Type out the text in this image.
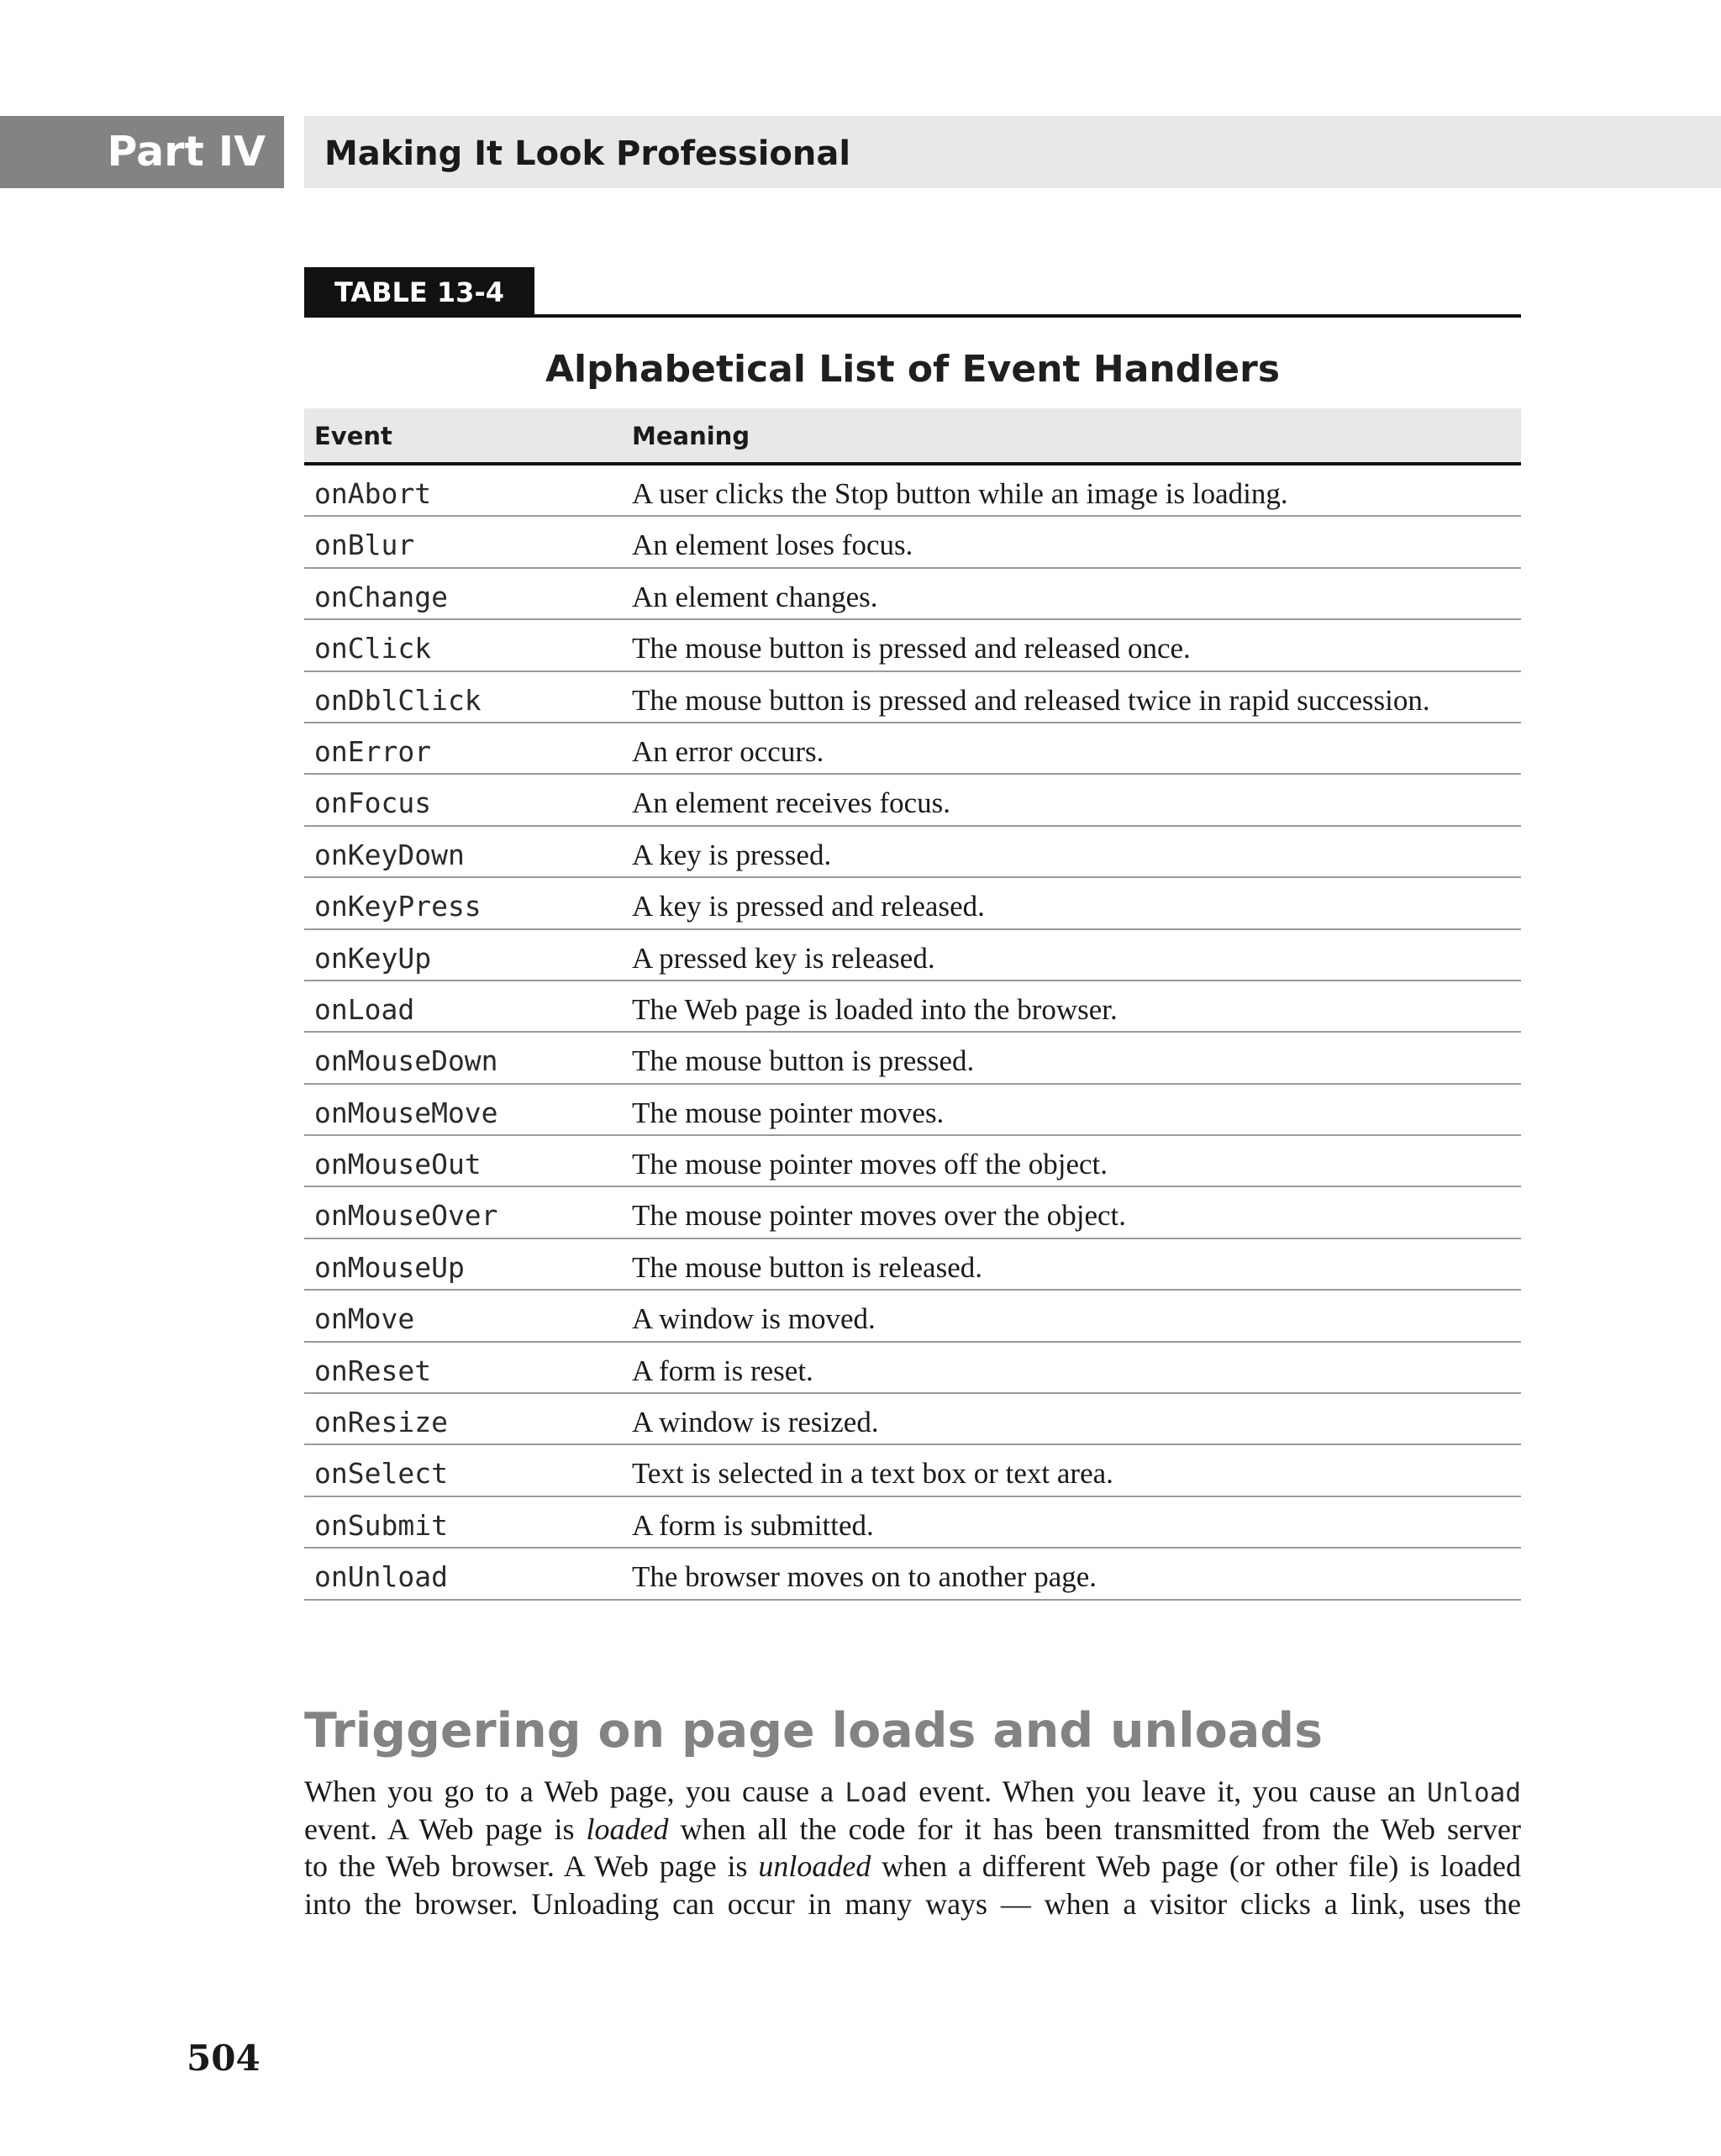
Part IV	Making It Look Professional
TABLE 13-4
Alphabetical List of Event Handlers
Event	Meaning
onAbort	A user clicks the Stop button while an image is loading.
onBlur	An element loses focus.
onChange	An element changes.
onClick	The mouse button is pressed and released once.
onDblClick	The mouse button is pressed and released twice in rapid succession.
onError	An error occurs.
onFocus	An element receives focus.
onKeyDown	A key is pressed.
onKeyPress	A key is pressed and released.
onKeyUp	A pressed key is released.
onLoad	The Web page is loaded into the browser.
onMouseDown	The mouse button is pressed.
onMouseMove	The mouse pointer moves.
onMouseOut	The mouse pointer moves off the object.
onMouseOver	The mouse pointer moves over the object.
onMouseUp	The mouse button is released.
onMove	A window is moved.
onReset	A form is reset.
onResize	A window is resized.
onSelect	Text is selected in a text box or text area.
onSubmit	A form is submitted.
onUnload	The browser moves on to another page.
Triggering on page loads and unloads
When you go to a Web page, you cause a Load event. When you leave it, you cause an Unload
event. A Web page is loaded when all the code for it has been transmitted from the Web server
to the Web browser. A Web page is unloaded when a different Web page (or other file) is loaded
into the browser. Unloading can occur in many ways — when a visitor clicks a link, uses the
504
